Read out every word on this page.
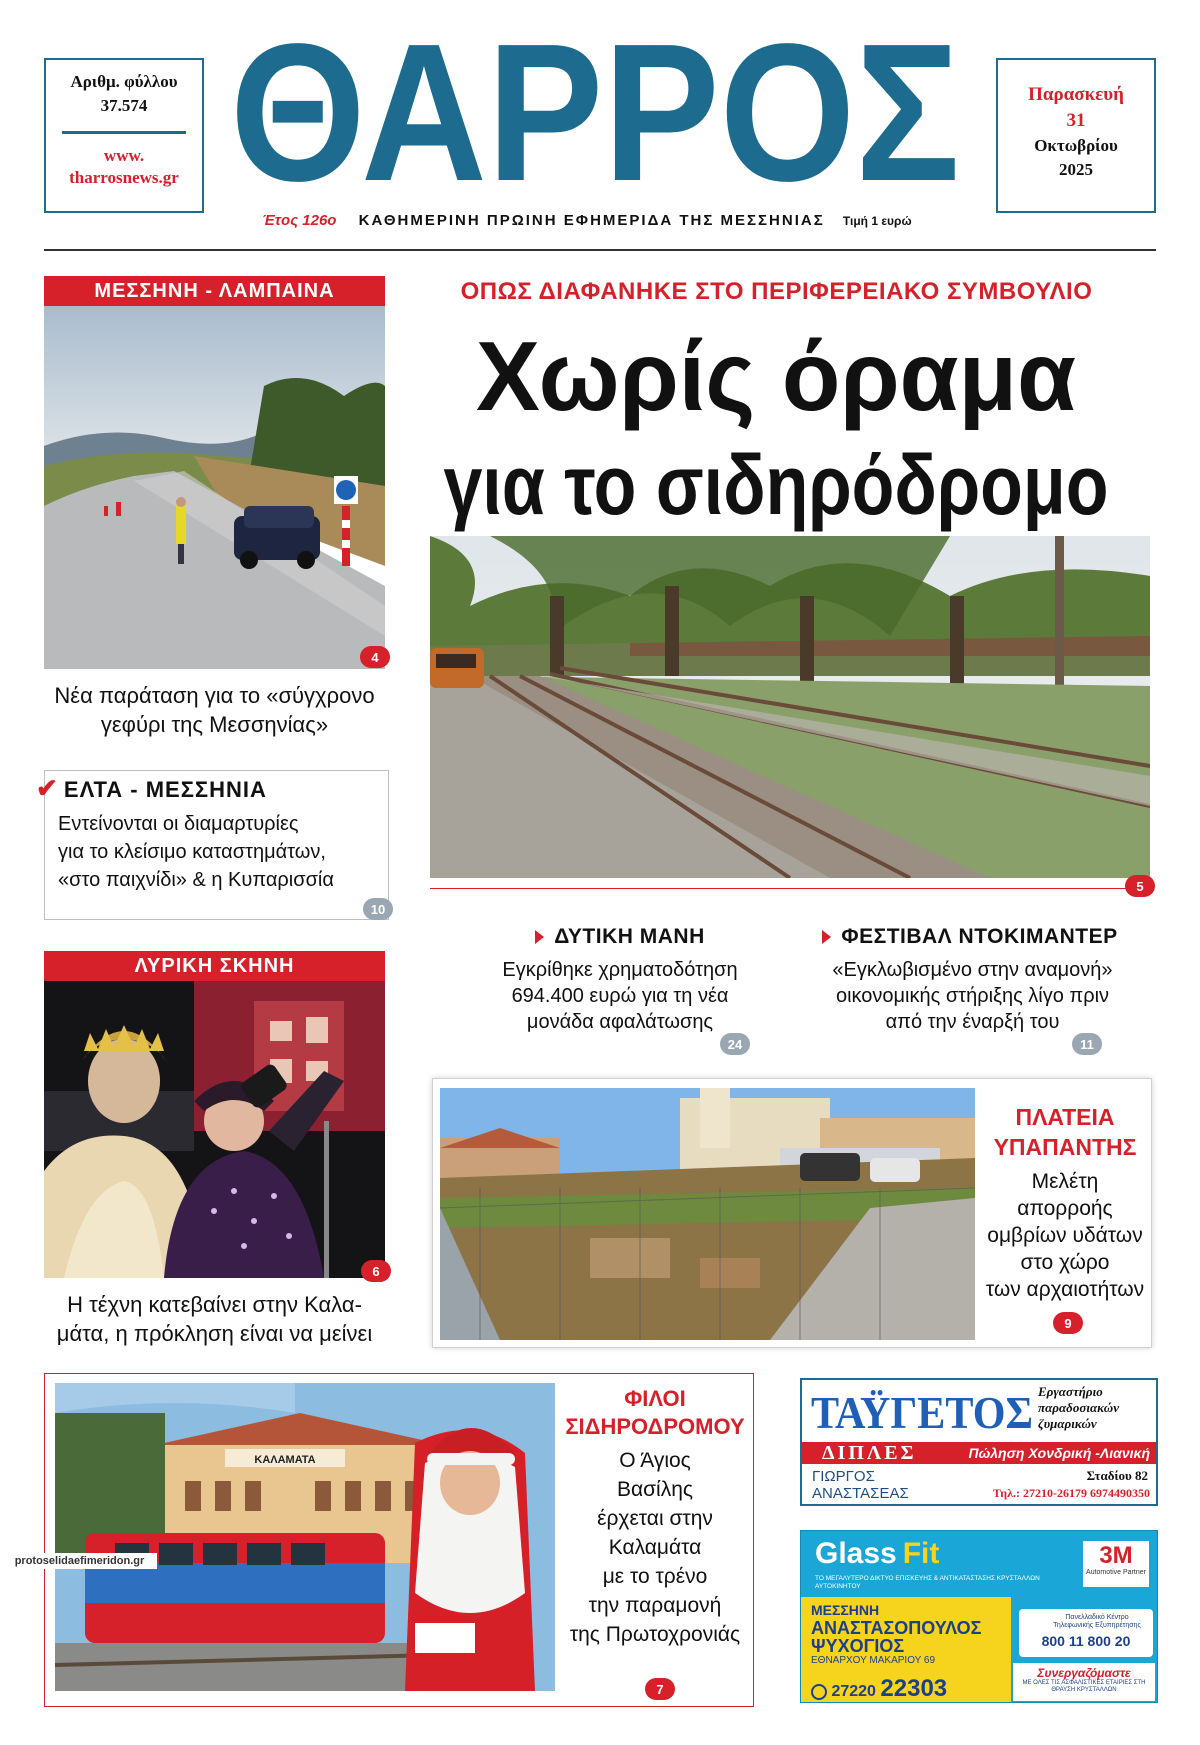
Αριθμ. φύλλου
37.574
www.
tharrosnews.gr ΘΑΡΡΟΣ	Παρασκευή
31
Οκτωβρίου
2025
Έτος 126ο ΚΑΘΗΜΕΡΙΝΗ ΠΡΩΙΝΗ ΕΦΗΜΕΡΙΔΑ ΤΗΣ ΜΕΣΣΗΝΙΑΣ Τιμή 1 ευρώ
ΜΕΣΣΗΝΗ - ΛΑΜΠΑΙΝΑ
4
Νέα παράταση για το «σύγχρονο
γεφύρι της Μεσσηνίας»
✔ ΕΛΤΑ - ΜΕΣΣΗΝΙΑ
Εντείνονται οι διαμαρτυρίες
για το κλείσιμο καταστημάτων,
«στο παιχνίδι» & η Κυπαρισσία
10
ΛΥΡΙΚΗ ΣΚΗΝΗ
6
Η τέχνη κατεβαίνει στην Καλα-
μάτα, η πρόκληση είναι να μείνει
ΟΠΩΣ ΔΙΑΦΑΝΗΚΕ ΣΤΟ ΠΕΡΙΦΕΡΕΙΑΚΟ ΣΥΜΒΟΥΛΙΟ
Χωρίς όραμα
για το σιδηρόδρομο
5
ΔΥΤΙΚΗ ΜΑΝΗ
Εγκρίθηκε χρηματοδότηση
694.400 ευρώ για τη νέα
μονάδα αφαλάτωσης
24
ΦΕΣΤΙΒΑΛ ΝΤΟΚΙΜΑΝΤΕΡ
«Εγκλωβισμένο στην αναμονή»
οικονομικής στήριξης λίγο πριν
από την έναρξή του
11
ΠΛΑΤΕΙΑ
ΥΠΑΠΑΝΤΗΣ
Μελέτη
απορροής
ομβρίων υδάτων
στο χώρο
των αρχαιοτήτων
9
ΚΑΛΑΜΑΤΑ
ΦΙΛΟΙ
ΣΙΔΗΡΟΔΡΟΜΟΥ
Ο Άγιος
Βασίλης
έρχεται στην
Καλαμάτα
με το τρένο
την παραμονή
της Πρωτοχρονιάς
7
protoselidaefimeridon.gr
ΤΑΫΓΕΤΟΣ Εργαστήριο
παραδοσιακών
ζυμαρικών
ΔΙΠΛΕΣ	Πώληση Χονδρική -Λιανική
ΓΙΩΡΓΟΣ
ΑΝΑΣΤΑΣΕΑΣ
Σταδίου 82
Τηλ.: 27210-26179 6974490350
Glass Fit
ΤΟ ΜΕΓΑΛΥΤΕΡΟ ΔΙΚΤΥΟ ΕΠΙΣΚΕΥΗΣ & ΑΝΤΙΚΑΤΑΣΤΑΣΗΣ ΚΡΥΣΤΑΛΛΩΝ ΑΥΤΟΚΙΝΗΤΟΥ
3M
Automotive Partner
ΜΕΣΣΗΝΗ
ΑΝΑΣΤΑΣΟΠΟΥΛΟΣ
ΨΥΧΟΓΙΟΣ
ΕΘΝΑΡΧΟΥ ΜΑΚΑΡΙΟΥ 69
27220 22303
Πανελλαδικό Κέντρο Τηλεφωνικής Εξυπηρέτησης
800 11 800 20
Συνεργαζόμαστε
ΜΕ ΟΛΕΣ ΤΙΣ ΑΣΦΑΛΙΣΤΙΚΕΣ ΕΤΑΙΡΙΕΣ ΣΤΗ ΘΡΑΥΣΗ ΚΡΥΣΤΑΛΛΩΝ
